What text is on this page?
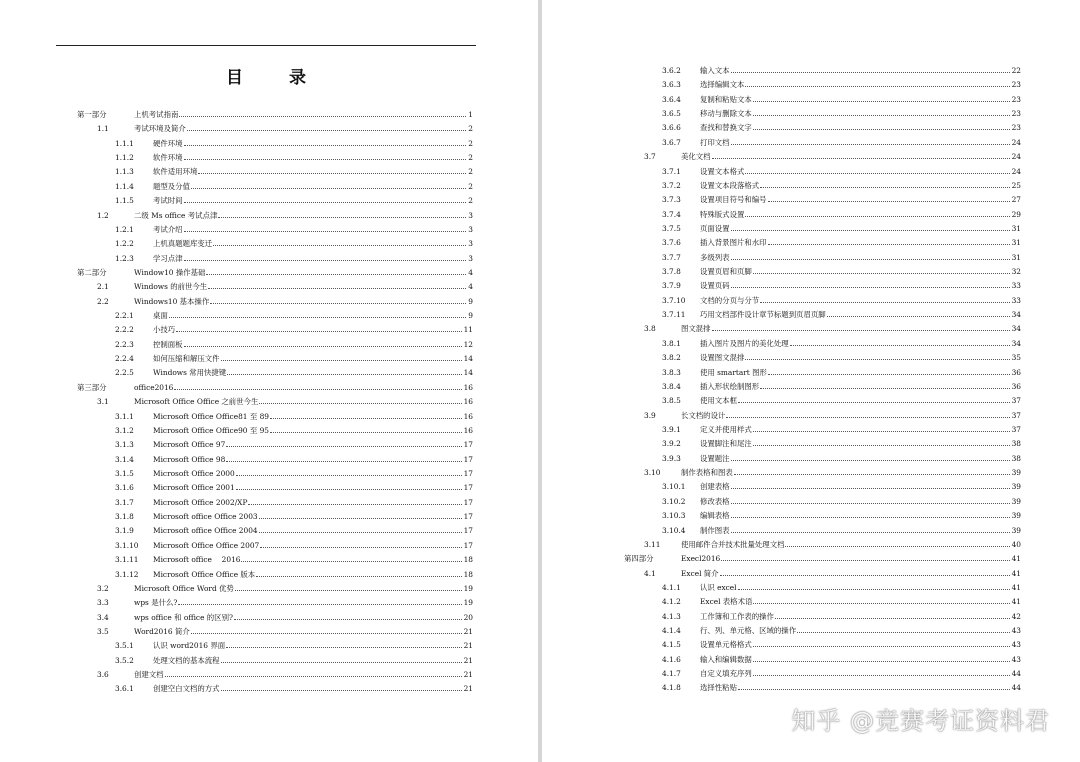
目	录
第一部分	上机考试指南	1
1.1	考试环境及简介	2
1.1.1	硬件环境	2
1.1.2	软件环境	2
1.1.3	软件适用环境	2
1.1.4	题型及分值	2
1.1.5	考试时间	2
1.2	二级 Ms office 考试点津	3
1.2.1	考试介绍	3
1.2.2	上机真题题库变迁	3
1.2.3	学习点津	3
第二部分	Window10 操作基础	4
2.1	Windows 的前世今生	4
2.2	Windows10 基本操作	9
2.2.1	桌面	9
2.2.2	小技巧	11
2.2.3	控制面板	12
2.2.4	如何压缩和解压文件	14
2.2.5	Windows 常用快捷键	14
第三部分	office2016	16
3.1	Microsoft Office Office 之前世今生	16
3.1.1	Microsoft Office Office81 至 89	16
3.1.2	Microsoft Office Office90 至 95	16
3.1.3	Microsoft Office 97	17
3.1.4	Microsoft Office 98	17
3.1.5	Microsoft Office 2000	17
3.1.6	Microsoft Office 2001	17
3.1.7	Microsoft Office 2002/XP	17
3.1.8	Microsoft office Office 2003	17
3.1.9	Microsoft office Office 2004	17
3.1.10 Microsoft Office Office 2007	17
3.1.11 Microsoft office　 2016	18
3.1.12 Microsoft Office Office 版本	18
3.2	Microsoft Office Word 优势	19
3.3	wps 是什么?	19
3.4	wps office 和 office 的区别?	20
3.5	Word2016 简介	21
3.5.1	认识 word2016 界面	21
3.5.2	处理文档的基本流程	21
3.6	创建文档	21
3.6.1	创建空白文档的方式	21
3.6.2	输入文本	22
3.6.3	选择编辑文本	23
3.6.4	复制和粘贴文本	23
3.6.5	移动与删除文本	23
3.6.6	查找和替换文字	23
3.6.7	打印文档	24
3.7	美化文档	24
3.7.1	设置文本格式	24
3.7.2	设置文本段落格式	25
3.7.3	设置项目符号和编号	27
3.7.4	特殊版式设置	29
3.7.5	页面设置	31
3.7.6	插入背景图片和水印	31
3.7.7	多级列表	31
3.7.8	设置页眉和页脚	32
3.7.9	设置页码	33
3.7.10 文档的分页与分节	33
3.7.11 巧用文档部件设计章节标题到页眉页脚	34
3.8	图文混排	34
3.8.1	插入图片及图片的美化处理	34
3.8.2	设置图文混排	35
3.8.3	使用 smartart 图形	36
3.8.4	插入形状绘制图形	36
3.8.5	使用文本框	37
3.9	长文档的设计	37
3.9.1	定义并使用样式	37
3.9.2	设置脚注和尾注	38
3.9.3	设置题注	38
3.10	制作表格和图表	39
3.10.1 创建表格	39
3.10.2 修改表格	39
3.10.3 编辑表格	39
3.10.4 制作图表	39
3.11	使用邮件合并技术批量处理文档	40
第四部分	Execl2016	41
4.1	Excel 简介	41
4.1.1	认识 excel	41
4.1.2	Excel 表格术语	41
4.1.3	工作簿和工作表的操作	42
4.1.4	行、列、单元格、区域的操作	43
4.1.5	设置单元格格式	43
4.1.6	输入和编辑数据	43
4.1.7	自定义填充序列	44
4.1.8	选择性粘贴	44
知乎 @竞赛考证资料君
